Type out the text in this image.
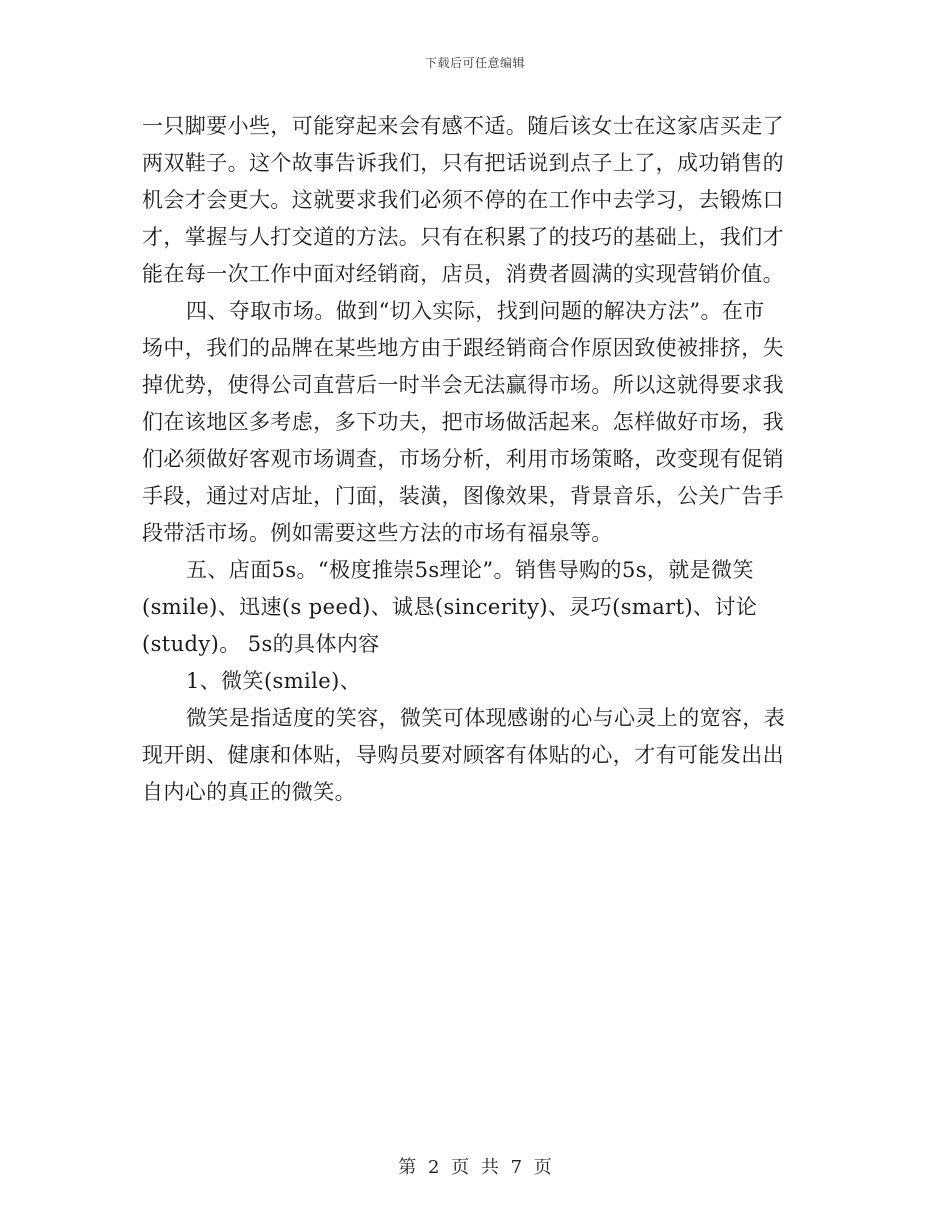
下载后可任意编辑
一只脚要小些，可能穿起来会有感不适。随后该女士在这家店买走了
两双鞋子。这个故事告诉我们，只有把话说到点子上了，成功销售的
机会才会更大。这就要求我们必须不停的在工作中去学习，去锻炼口
才，掌握与人打交道的方法。只有在积累了的技巧的基础上，我们才
能在每一次工作中面对经销商，店员，消费者圆满的实现营销价值。
四、夺取市场。做到“切入实际，找到问题的解决方法”。在市
场中，我们的品牌在某些地方由于跟经销商合作原因致使被排挤，失
掉优势，使得公司直营后一时半会无法赢得市场。所以这就得要求我
们在该地区多考虑，多下功夫，把市场做活起来。怎样做好市场，我
们必须做好客观市场调查，市场分析，利用市场策略，改变现有促销
手段，通过对店址，门面，装潢，图像效果，背景音乐，公关广告手
段带活市场。例如需要这些方法的市场有福泉等。
五、店面5s。“极度推崇5s理论”。销售导购的5s，就是微笑
(smile)、迅速(s peed)、诚恳(sincerity)、灵巧(smart)、讨论
(study)。 5s的具体内容
1、微笑(smile)、
微笑是指适度的笑容，微笑可体现感谢的心与心灵上的宽容，表
现开朗、健康和体贴，导购员要对顾客有体贴的心，才有可能发出出
自内心的真正的微笑。
第 2 页 共 7 页
